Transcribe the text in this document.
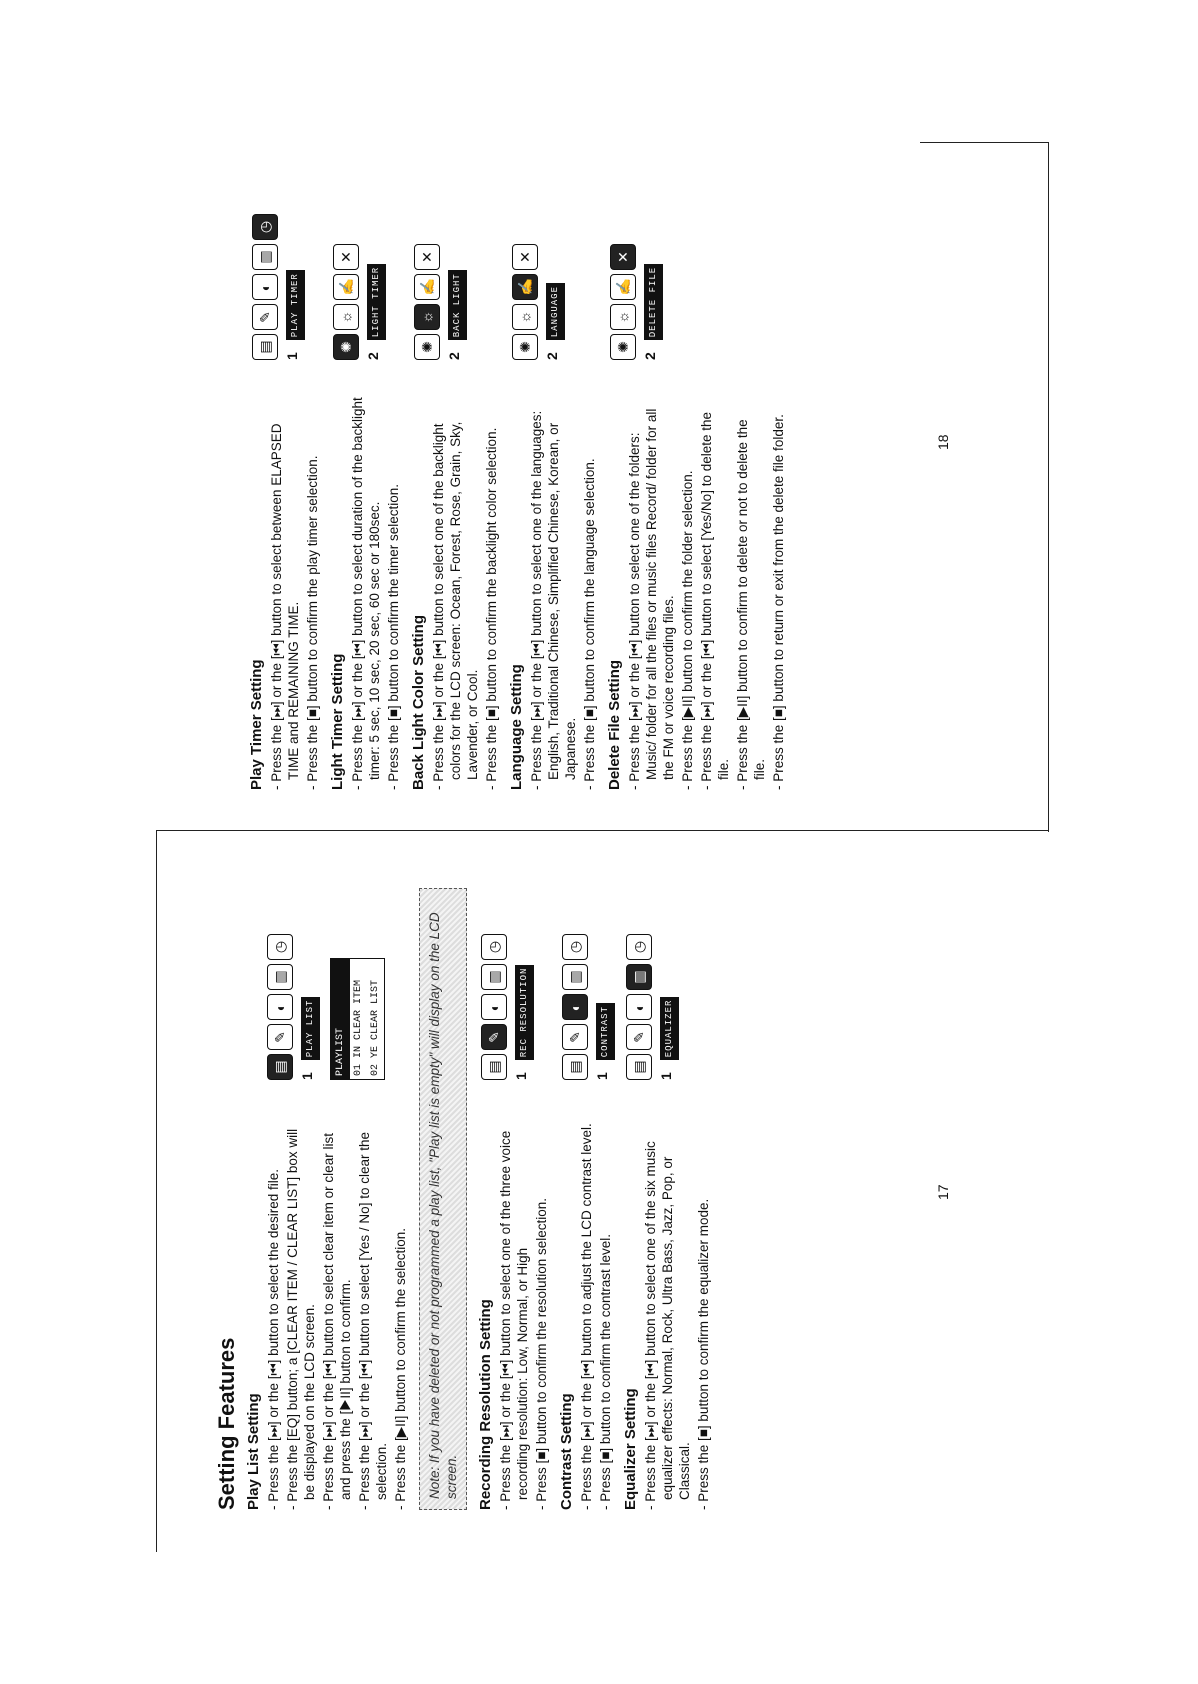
Setting Features Play List Setting - Press the [⏭] or the [⏮] button to select the desired file. - Press the [EQ] button; a [CLEAR ITEM / CLEAR LIST] box will be displayed on the LCD screen. - Press the [⏭] or the [⏮] button to select clear item or clear list and press the [▶II] button to confirm. - Press the [⏭] or the [⏮] button to select [Yes / No] to clear the selection. - Press the [▶II] button to confirm the selection.

▤
✎
◐
▥
◷
1 PLAY LIST	PLAYLIST 01 IN CLEAR ITEM 02 YE CLEAR LIST	Note: If you have deleted or not programmed a play list, "Play list is empty" will display on the LCD screen.	Recording Resolution Setting - Press the [⏭] or the [⏮] button to select one of the three voice recording resolution: Low, Normal, or High - Press [■] button to confirm the resolution selection.

▤
✎
◐
▥
◷
1 REC RESOLUTION
Contrast Setting - Press the [⏭] or the [⏮] button to adjust the LCD contrast level. - Press [■] button to confirm the contrast level.

▤
✎
◐
▥
◷
1 CONTRAST
Equalizer Setting - Press the [⏭] or the [⏮] button to select one of the six music equalizer effects: Normal, Rock, Ultra Bass, Jazz, Pop, or Classical. - Press the [■] button to confirm the equalizer mode.

▤
✎
◐
▥
◷
1 EQUALIZER
17
Play Timer Setting - Press the [⏭] or the [⏮] button to select between ELAPSED TIME and REMAINING TIME. - Press the [■] button to confirm the play timer selection.

▤
✎
◐
▥
◷
1 PLAY TIMER
Light Timer Setting - Press the [⏭] or the [⏮] button to select duration of the backlight timer: 5 sec, 10 sec, 20 sec, 60 sec or 180sec. - Press the [■] button to confirm the timer selection.

✺
☼
✍
✕
2 LIGHT TIMER
Back Light Color Setting - Press the [⏭] or the [⏮] button to select one of the backlight colors for the LCD screen: Ocean, Forest, Rose, Grain, Sky, Lavender, or Cool. - Press the [■] button to confirm the backlight color selection.

✺
☼
✍
✕
2 BACK LIGHT
Language Setting - Press the [⏭] or the [⏮] button to select one of the languages: English, Traditional Chinese, Simplified Chinese, Korean, or Japanese. - Press the [■] button to confirm the language selection.

✺
☼
✍
✕
2 LANGUAGE
Delete File Setting - Press the [⏭] or the [⏮] button to select one of the folders: Music/ folder for all the files or music files Record/ folder for all the FM or voice recording files. - Press the [▶II] button to confirm the folder selection. - Press the [⏭] or the [⏮] button to select [Yes/No] to delete the file. - Press the [▶II] button to confirm to delete or not to delete the file. - Press the [■] button to return or exit from the delete file folder.

✺
☼
✍
✕
2 DELETE FILE
18
